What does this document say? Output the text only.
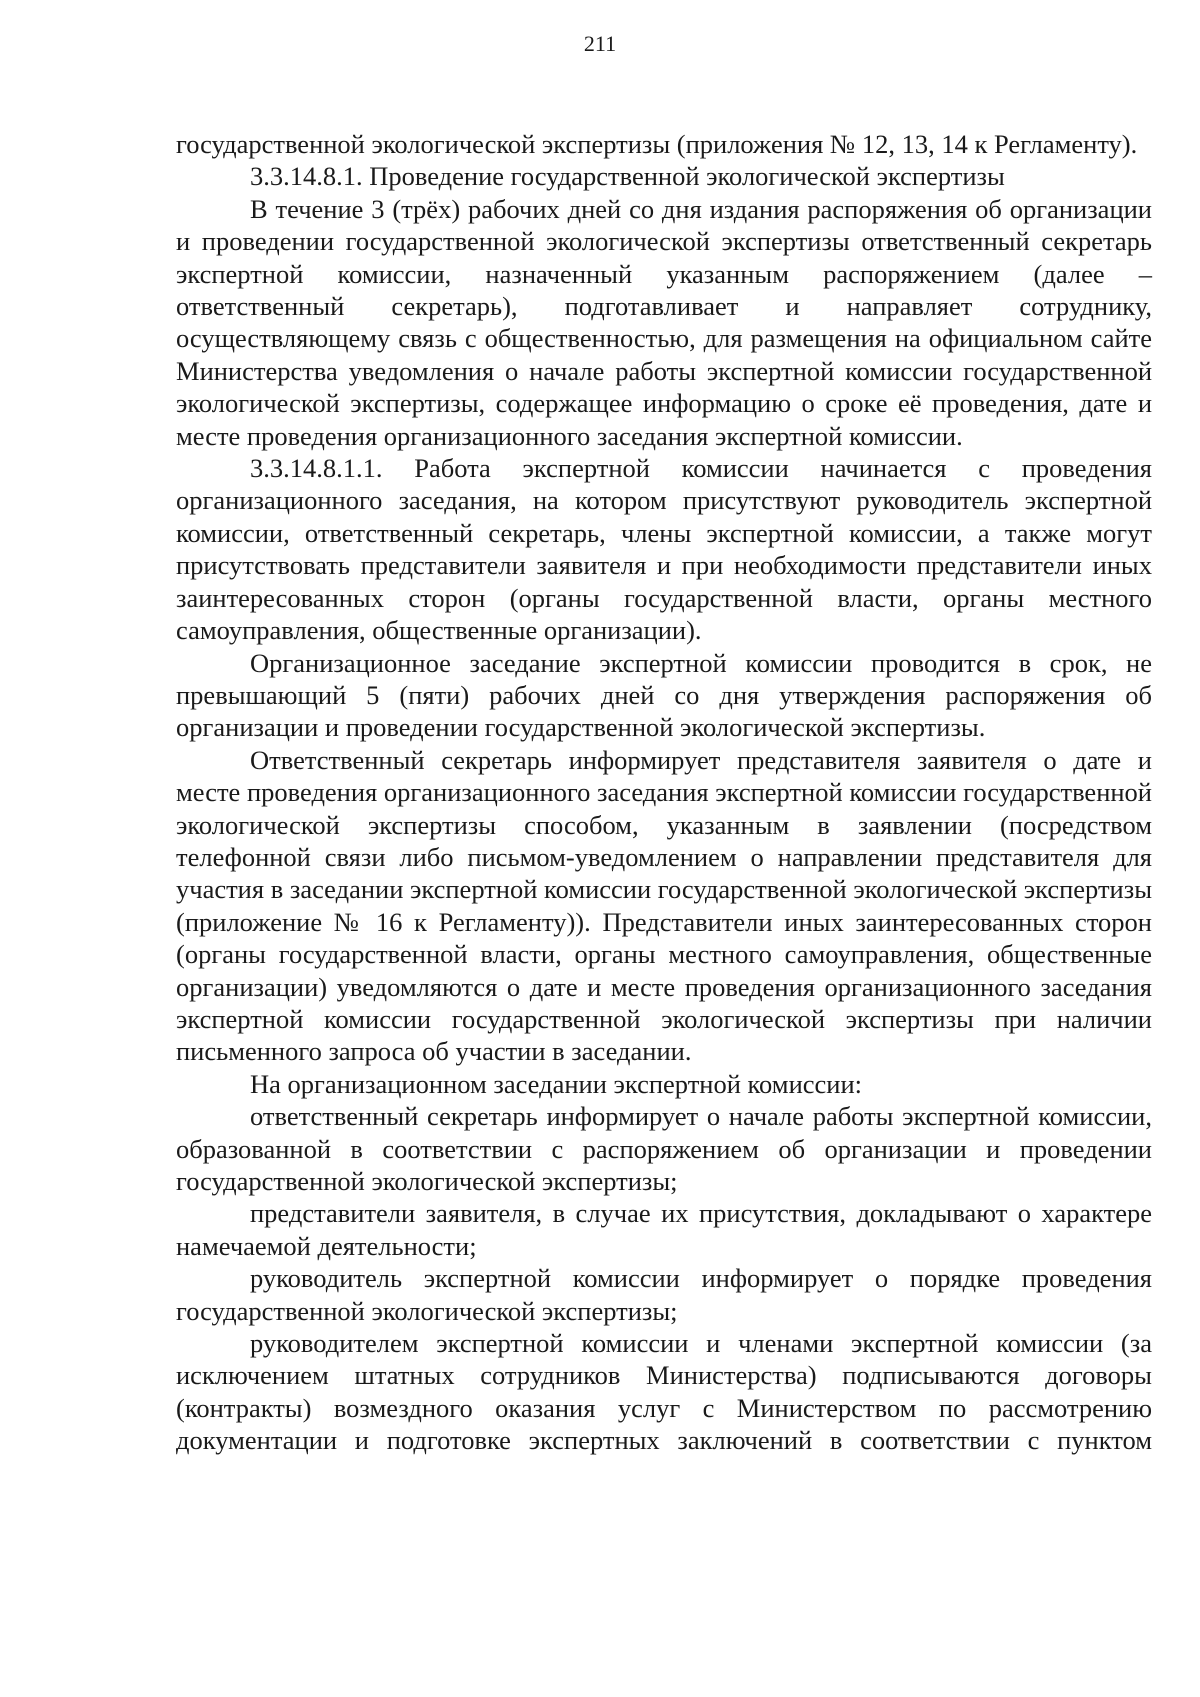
211

государственной экологической экспертизы (приложения № 12, 13, 14 к Регламенту).

3.3.14.8.1. Проведение государственной экологической экспертизы

В течение 3 (трёх) рабочих дней со дня издания распоряжения об организации и проведении государственной экологической экспертизы ответственный секретарь экспертной комиссии, назначенный указанным распоряжением (далее – ответственный секретарь), подготавливает и направляет сотруднику, осуществляющему связь с общественностью, для размещения на официальном сайте Министерства уведомления о начале работы экспертной комиссии государственной экологической экспертизы, содержащее информацию о сроке её проведения, дате и месте проведения организационного заседания экспертной комиссии.

3.3.14.8.1.1. Работа экспертной комиссии начинается с проведения организационного заседания, на котором присутствуют руководитель экспертной комиссии, ответственный секретарь, члены экспертной комиссии, а также могут присутствовать представители заявителя и при необходимости представители иных заинтересованных сторон (органы государственной власти, органы местного самоуправления, общественные организации).

Организационное заседание экспертной комиссии проводится в срок, не превышающий 5 (пяти) рабочих дней со дня утверждения распоряжения об организации и проведении государственной экологической экспертизы.

Ответственный секретарь информирует представителя заявителя о дате и месте проведения организационного заседания экспертной комиссии государственной экологической экспертизы способом, указанным в заявлении (посредством телефонной связи либо письмом-уведомлением о направлении представителя для участия в заседании экспертной комиссии государственной экологической экспертизы (приложение № 16 к Регламенту)). Представители иных заинтересованных сторон (органы государственной власти, органы местного самоуправления, общественные организации) уведомляются о дате и месте проведения организационного заседания экспертной комиссии государственной экологической экспертизы при наличии письменного запроса об участии в заседании.

На организационном заседании экспертной комиссии:

ответственный секретарь информирует о начале работы экспертной комиссии, образованной в соответствии с распоряжением об организации и проведении государственной экологической экспертизы;

представители заявителя, в случае их присутствия, докладывают о характере намечаемой деятельности;

руководитель экспертной комиссии информирует о порядке проведения государственной экологической экспертизы;

руководителем экспертной комиссии и членами экспертной комиссии (за исключением штатных сотрудников Министерства) подписываются договоры (контракты) возмездного оказания услуг с Министерством по рассмотрению документации и подготовке экспертных заключений в соответствии с пунктом
